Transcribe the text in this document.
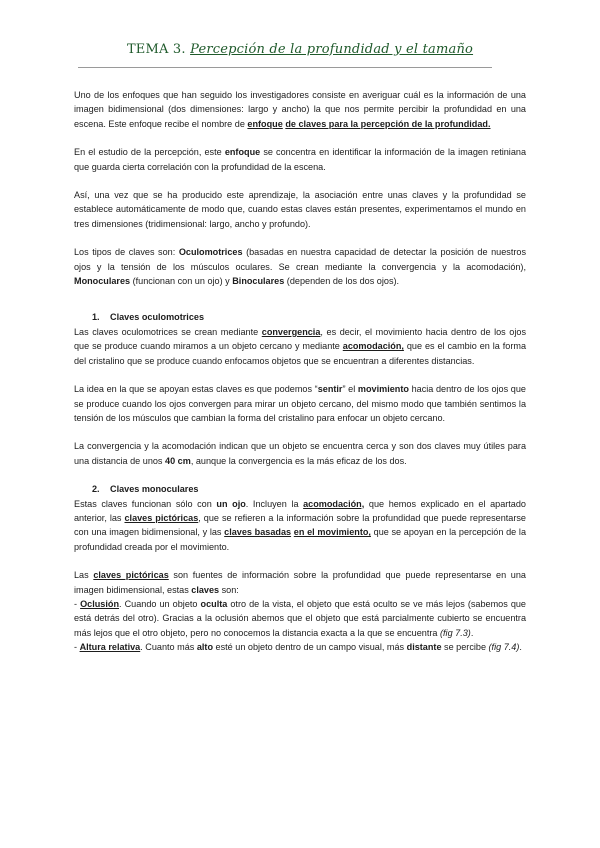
TEMA 3. Percepción de la profundidad y el tamaño

Uno de los enfoques que han seguido los investigadores consiste en averiguar cuál es la información de una imagen bidimensional (dos dimensiones: largo y ancho) la que nos permite percibir la profundidad en una escena. Este enfoque recibe el nombre de enfoque de claves para la percepción de la profundidad.

En el estudio de la percepción, este enfoque se concentra en identificar la información de la imagen retiniana que guarda cierta correlación con la profundidad de la escena.

Así, una vez que se ha producido este aprendizaje, la asociación entre unas claves y la profundidad se establece automáticamente de modo que, cuando estas claves están presentes, experimentamos el mundo en tres dimensiones (tridimensional: largo, ancho y profundo).

Los tipos de claves son: Oculomotrices (basadas en nuestra capacidad de detectar la posición de nuestros ojos y la tensión de los músculos oculares. Se crean mediante la convergencia y la acomodación), Monoculares (funcionan con un ojo) y Binoculares (dependen de los dos ojos).

1. Claves oculomotrices

Las claves oculomotrices se crean mediante convergencia, es decir, el movimiento hacia dentro de los ojos que se produce cuando miramos a un objeto cercano y mediante acomodación, que es el cambio en la forma del cristalino que se produce cuando enfocamos objetos que se encuentran a diferentes distancias.

La idea en la que se apoyan estas claves es que podemos “sentir” el movimiento hacia dentro de los ojos que se produce cuando los ojos convergen para mirar un objeto cercano, del mismo modo que también sentimos la tensión de los músculos que cambian la forma del cristalino para enfocar un objeto cercano.

La convergencia y la acomodación indican que un objeto se encuentra cerca y son dos claves muy útiles para una distancia de unos 40 cm, aunque la convergencia es la más eficaz de los dos.

2. Claves monoculares

Estas claves funcionan sólo con un ojo. Incluyen la acomodación, que hemos explicado en el apartado anterior, las claves pictóricas, que se refieren a la información sobre la profundidad que puede representarse con una imagen bidimensional, y las claves basadas en el movimiento, que se apoyan en la percepción de la profundidad creada por el movimiento.

Las claves pictóricas son fuentes de información sobre la profundidad que puede representarse en una imagen bidimensional, estas claves son:

- Oclusión. Cuando un objeto oculta otro de la vista, el objeto que está oculto se ve más lejos (sabemos que está detrás del otro). Gracias a la oclusión abemos que el objeto que está parcialmente cubierto se encuentra más lejos que el otro objeto, pero no conocemos la distancia exacta a la que se encuentra (fig 7.3).

- Altura relativa. Cuanto más alto esté un objeto dentro de un campo visual, más distante se percibe (fig 7.4).
